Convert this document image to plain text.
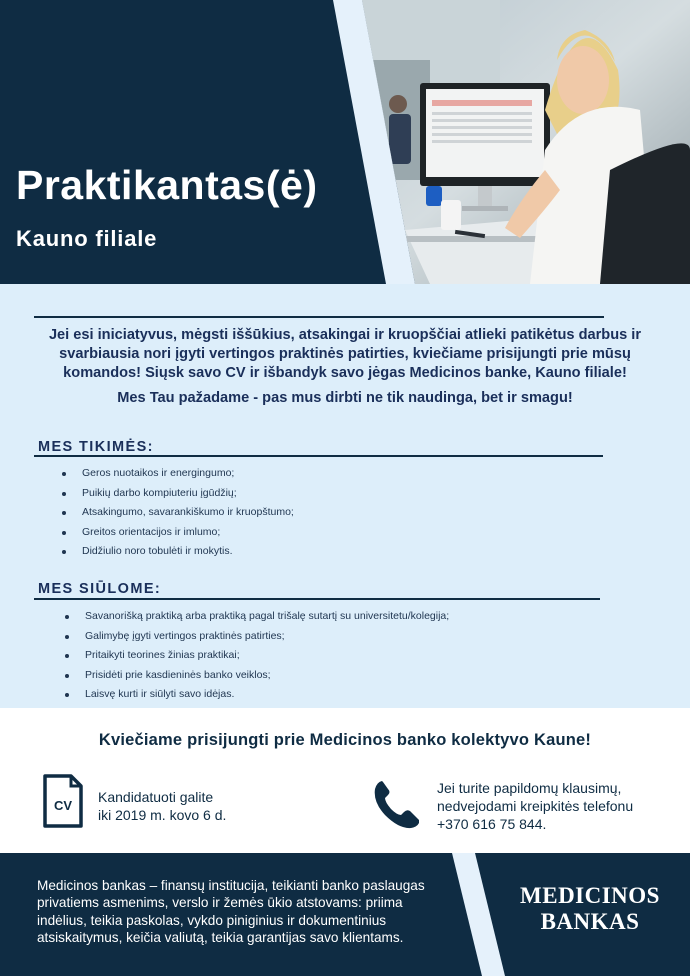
Praktikantas(ė)
Kauno filiale

Jei esi iniciatyvus, mėgsti iššūkius, atsakingai ir kruopščiai atlieki patikėtus darbus ir svarbiausia nori įgyti vertingos praktinės patirties, kviečiame prisijungti prie mūsų komandos! Siųsk savo CV ir išbandyk savo jėgas Medicinos banke, Kauno filiale!

Mes Tau pažadame - pas mus dirbti ne tik naudinga, bet ir smagu!

MES TIKIMĖS:
Geros nuotaikos ir energingumo;
Puikių darbo kompiuteriu įgūdžių;
Atsakingumo, savarankiškumo ir kruopštumo;
Greitos orientacijos ir imlumo;
Didžiulio noro tobulėti ir mokytis.
MES SIŪLOME:
Savanorišką praktiką arba praktiką pagal trišalę sutartį su universitetu/kolegija;
Galimybę įgyti vertingos praktinės patirties;
Pritaikyti teorines žinias praktikai;
Prisidėti prie kasdieninės banko veiklos;
Laisvę kurti ir siūlyti savo idėjas.
Kviečiame prisijungti prie Medicinos banko kolektyvo Kaune!
CV

Kandidatuoti galite
iki 2019 m. kovo 6 d.

Jei turite papildomų klausimų,
nedvejodami kreipkitės telefonu
+370 616 75 844.

Medicinos bankas – finansų institucija, teikianti banko paslaugas privatiems asmenims, verslo ir žemės ūkio atstovams: priima indėlius, teikia paskolas, vykdo piniginius ir dokumentinius atsiskaitymus, keičia valiutą, teikia garantijas savo klientams.

MEDICINOS
BANKAS
